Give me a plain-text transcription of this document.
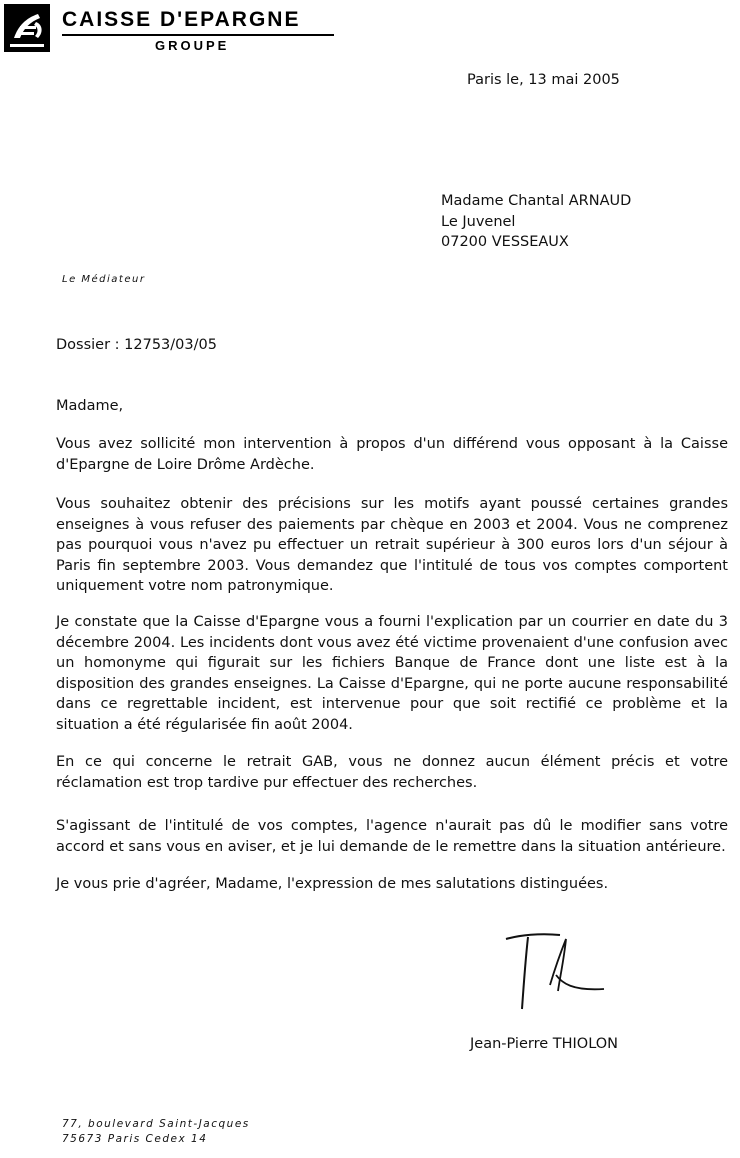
CAISSE D'EPARGNE
GROUPE
Paris le, 13 mai 2005
Madame Chantal ARNAUD
Le Juvenel
07200 VESSEAUX
Le Médiateur
Dossier : 12753/03/05
Madame,

Vous avez sollicité mon intervention à propos d'un différend vous opposant à la Caisse d'Epargne de Loire Drôme Ardèche.

Vous souhaitez obtenir des précisions sur les motifs ayant poussé certaines grandes enseignes à vous refuser des paiements par chèque en 2003 et 2004. Vous ne comprenez pas pourquoi vous n'avez pu effectuer un retrait supérieur à 300 euros lors d'un séjour à Paris fin septembre 2003. Vous demandez que l'intitulé de tous vos comptes comportent uniquement votre nom patronymique.

Je constate que la Caisse d'Epargne vous a fourni l'explication par un courrier en date du 3 décembre 2004. Les incidents dont vous avez été victime provenaient d'une confusion avec un homonyme qui figurait sur les fichiers Banque de France dont une liste est à la disposition des grandes enseignes. La Caisse d'Epargne, qui ne porte aucune responsabilité dans ce regrettable incident, est intervenue pour que soit rectifié ce problème et la situation a été régularisée fin août 2004.

En ce qui concerne le retrait GAB, vous ne donnez aucun élément précis et votre réclamation est trop tardive pur effectuer des recherches.

S'agissant de l'intitulé de vos comptes, l'agence n'aurait pas dû le modifier sans votre accord et sans vous en aviser, et je lui demande de le remettre dans la situation antérieure.

Je vous prie d'agréer, Madame, l'expression de mes salutations distinguées.

Jean-Pierre THIOLON
77, boulevard Saint-Jacques
75673 Paris Cedex 14
